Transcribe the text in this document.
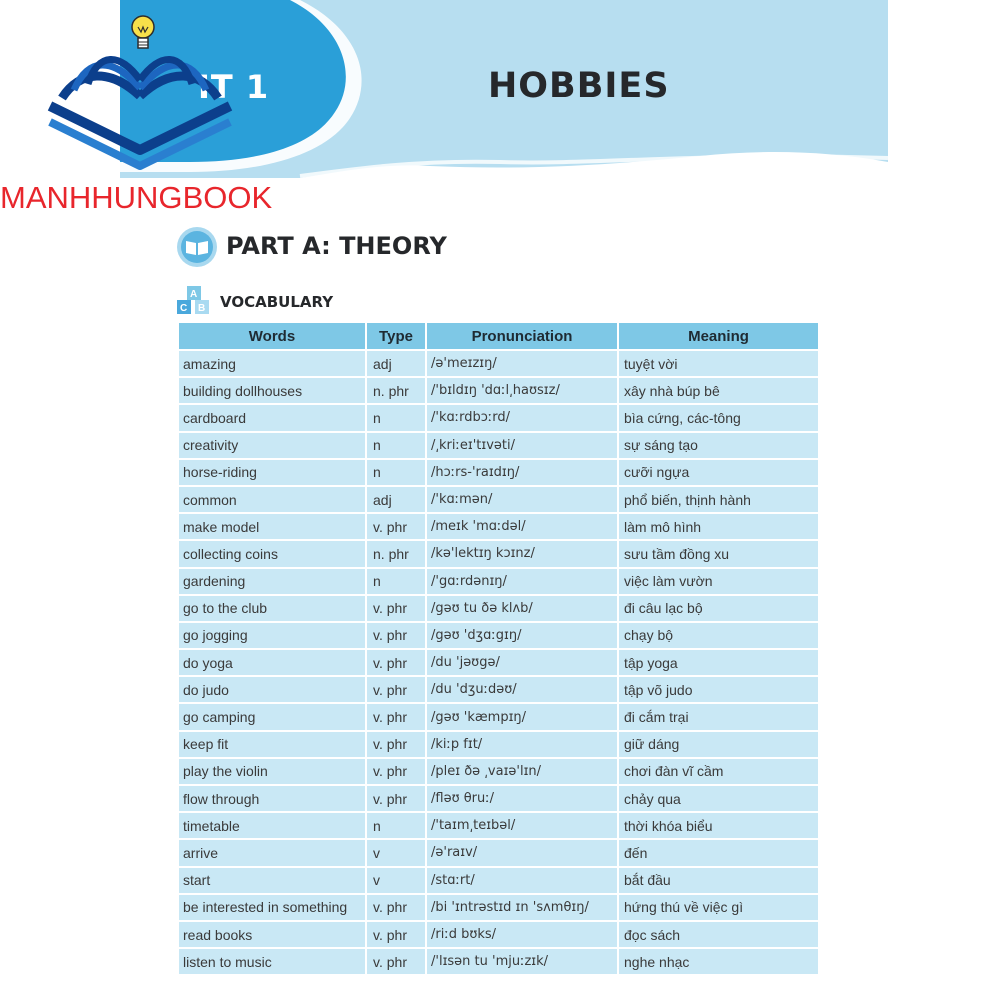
IT 1	HOBBIES
MANHHUNGBOOK
PART A: THEORY
A
C B VOCABULARY
Words	Type	Pronunciation	Meaning
amazing	adj	/ə'meɪzɪŋ/	tuyệt vời
building dollhouses	n. phr	/'bɪldɪŋ 'dɑːl͵haʊsɪz/	xây nhà búp bê
cardboard	n	/'kɑːrdbɔːrd/	bìa cứng, các-tông
creativity	n	/͵kriːeɪ'tɪvəti/	sự sáng tạo
horse-riding	n	/hɔːrs-'raɪdɪŋ/	cưỡi ngựa
common	adj	/'kɑːmən/	phổ biến, thịnh hành
make model	v. phr	/meɪk 'mɑːdəl/	làm mô hình
collecting coins	n. phr	/kə'lektɪŋ kɔɪnz/	sưu tầm đồng xu
gardening	n	/'gɑːrdənɪŋ/	việc làm vườn
go to the club	v. phr	/gəʊ tu ðə klʌb/	đi câu lạc bộ
go jogging	v. phr	/gəʊ 'dʒɑːgɪŋ/	chạy bộ
do yoga	v. phr	/du 'jəʊgə/	tập yoga
do judo	v. phr	/du 'dʒuːdəʊ/	tập võ judo
go camping	v. phr	/gəʊ 'kæmpɪŋ/	đi cắm trại
keep fit	v. phr	/kiːp fɪt/	giữ dáng
play the violin	v. phr	/pleɪ ðə ͵vaɪə'lɪn/	chơi đàn vĩ cầm
flow through	v. phr	/fləʊ θruː/	chảy qua
timetable	n	/'taɪm͵teɪbəl/	thời khóa biểu
arrive	v	/ə'raɪv/	đến
start	v	/stɑːrt/	bắt đầu
be interested in something	v. phr	/bi 'ɪntrəstɪd ɪn 'sʌmθɪŋ/	hứng thú về việc gì
read books	v. phr	/riːd bʊks/	đọc sách
listen to music	v. phr	/'lɪsən tu 'mjuːzɪk/	nghe nhạc
